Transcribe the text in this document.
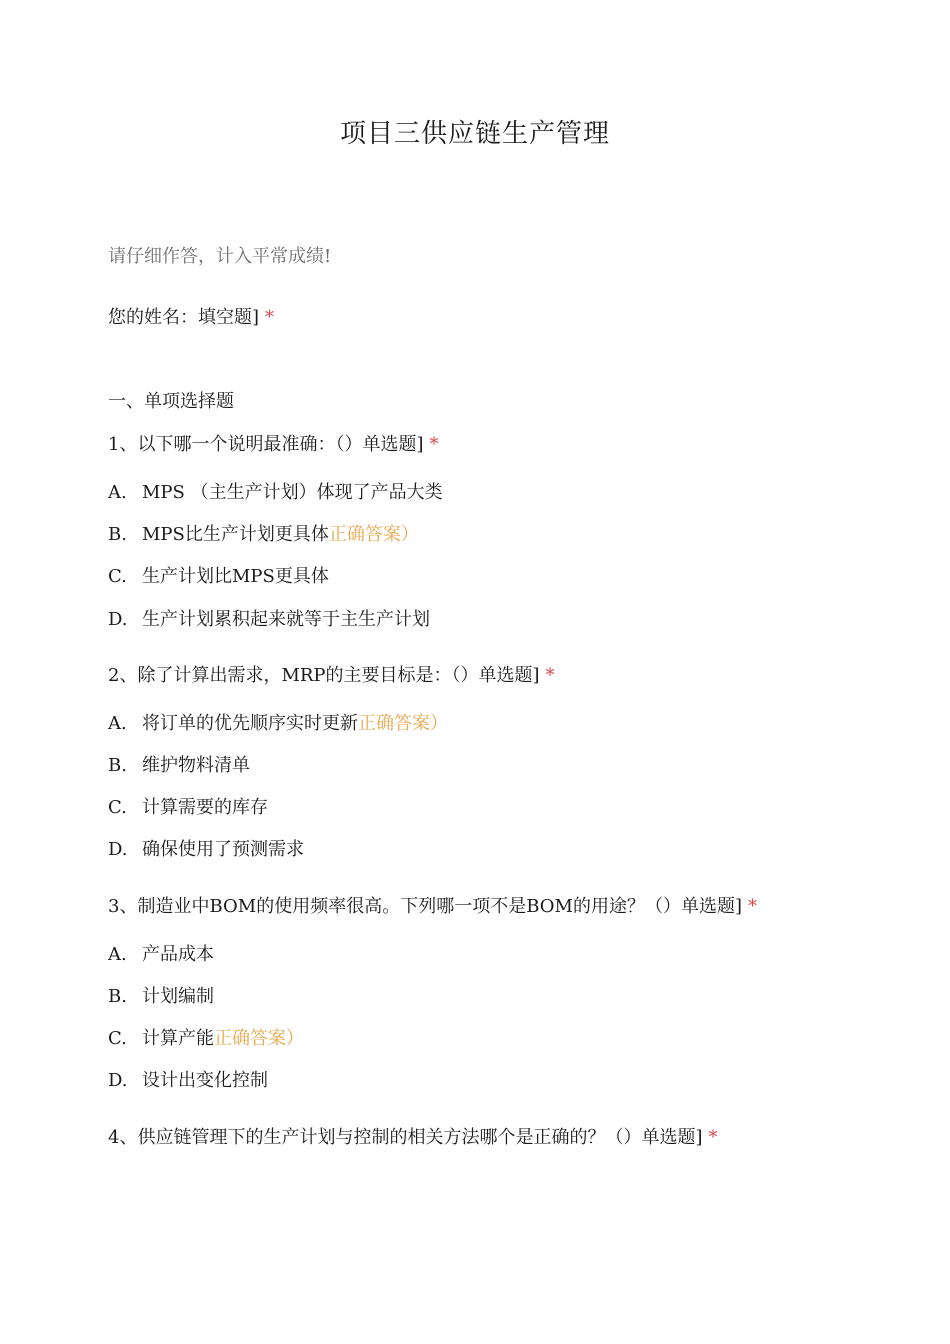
项目三供应链生产管理
请仔细作答，计入平常成绩!
您的姓名：填空题] *
一、单项选择题
1、以下哪一个说明最准确：（）单选题] *
A. MPS （主生产计划）体现了产品大类
B. MPS比生产计划更具体正确答案）
C. 生产计划比MPS更具体
D. 生产计划累积起来就等于主生产计划
2、除了计算出需求，MRP的主要目标是：（）单选题] *
A. 将订单的优先顺序实时更新正确答案）
B. 维护物料清单
C. 计算需要的库存
D. 确保使用了预测需求
3、制造业中BOM的使用频率很高。下列哪一项不是BOM的用途？（）单选题] *
A. 产品成本
B. 计划编制
C. 计算产能正确答案）
D. 设计出变化控制
4、供应链管理下的生产计划与控制的相关方法哪个是正确的？（）单选题] *
